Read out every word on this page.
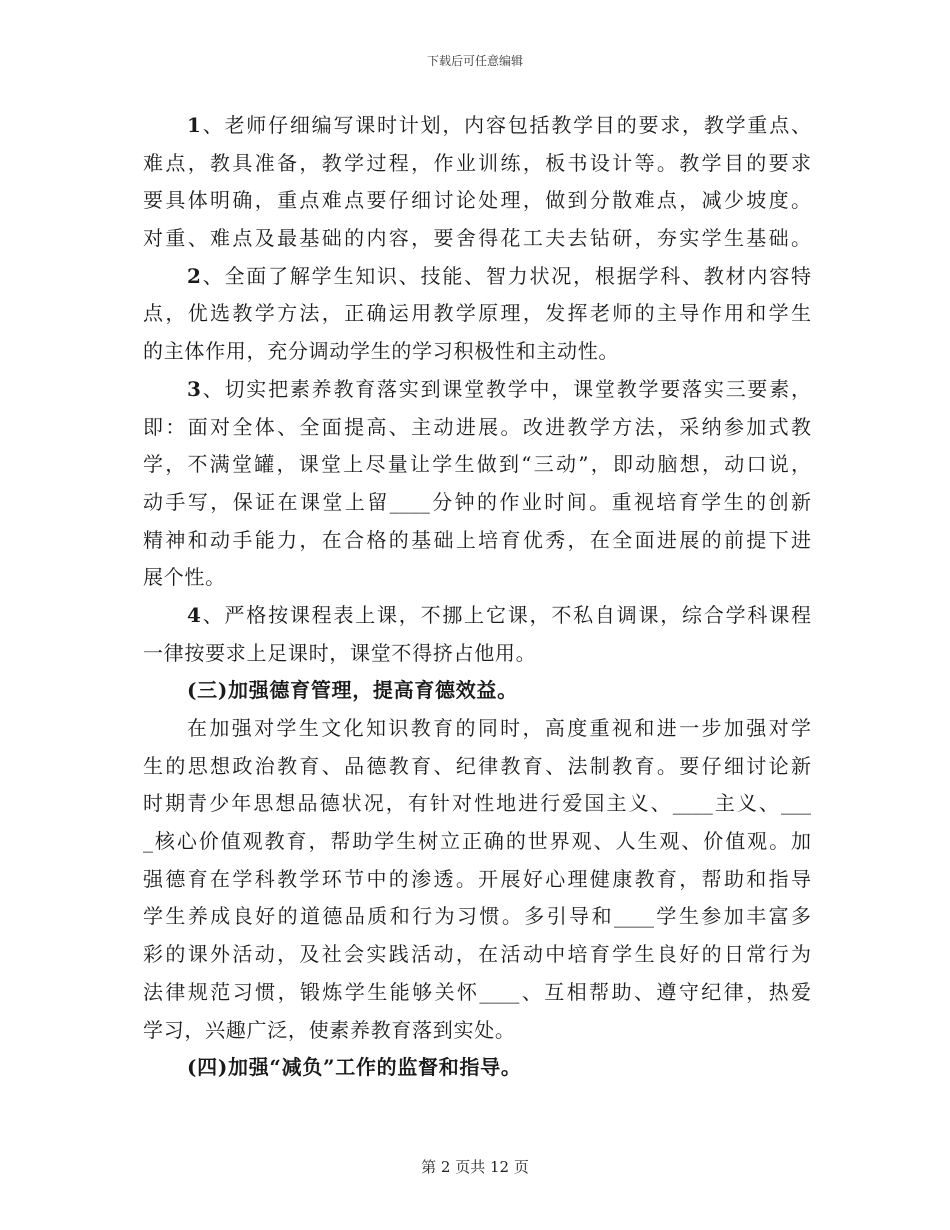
下载后可任意编辑
1、老师仔细编写课时计划，内容包括教学目的要求，教学重点、
难点，教具准备，教学过程，作业训练，板书设计等。教学目的要求
要具体明确，重点难点要仔细讨论处理，做到分散难点，减少坡度。
对重、难点及最基础的内容，要舍得花工夫去钻研，夯实学生基础。
2、全面了解学生知识、技能、智力状况，根据学科、教材内容特
点，优选教学方法，正确运用教学原理，发挥老师的主导作用和学生
的主体作用，充分调动学生的学习积极性和主动性。
3、切实把素养教育落实到课堂教学中，课堂教学要落实三要素，
即：面对全体、全面提高、主动进展。改进教学方法，采纳参加式教
学，不满堂罐，课堂上尽量让学生做到“三动”，即动脑想，动口说，
动手写，保证在课堂上留____分钟的作业时间。重视培育学生的创新
精神和动手能力，在合格的基础上培育优秀，在全面进展的前提下进
展个性。
4、严格按课程表上课，不挪上它课，不私自调课，综合学科课程
一律按要求上足课时，课堂不得挤占他用。
(三)加强德育管理，提高育德效益。
在加强对学生文化知识教育的同时，高度重视和进一步加强对学
生的思想政治教育、品德教育、纪律教育、法制教育。要仔细讨论新
时期青少年思想品德状况，有针对性地进行爱国主义、____主义、___
_核心价值观教育，帮助学生树立正确的世界观、人生观、价值观。加
强德育在学科教学环节中的渗透。开展好心理健康教育，帮助和指导
学生养成良好的道德品质和行为习惯。多引导和____学生参加丰富多
彩的课外活动，及社会实践活动，在活动中培育学生良好的日常行为
法律规范习惯，锻炼学生能够关怀____、互相帮助、遵守纪律，热爱
学习，兴趣广泛，使素养教育落到实处。
(四)加强“减负”工作的监督和指导。
第 2 页共 12 页
